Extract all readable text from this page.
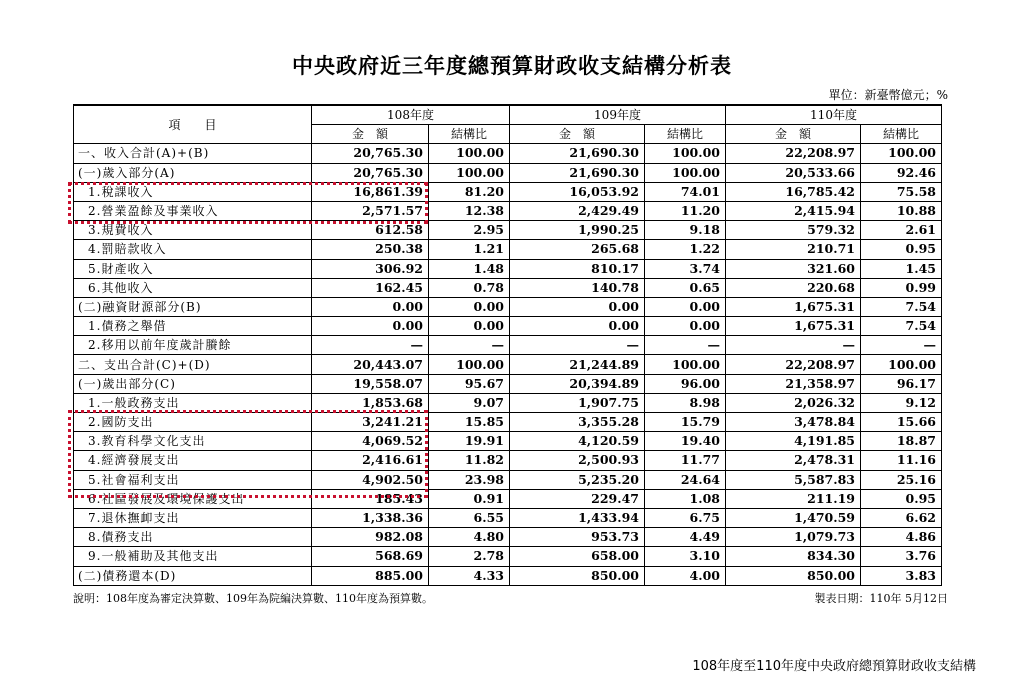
中央政府近三年度總預算財政收支結構分析表
單位：新臺幣億元；%
項　　目	108年度		109年度		110年度	
	金　額	結構比	金　額	結構比	金　額	結構比
一、收入合計(A)+(B)	20,765.30	100.00	21,690.30	100.00	22,208.97	100.00
(一)歲入部分(A)	20,765.30	100.00	21,690.30	100.00	20,533.66	92.46
1.稅課收入	16,861.39	81.20	16,053.92	74.01	16,785.42	75.58
2.營業盈餘及事業收入	2,571.57	12.38	2,429.49	11.20	2,415.94	10.88
3.規費收入	612.58	2.95	1,990.25	9.18	579.32	2.61
4.罰賠款收入	250.38	1.21	265.68	1.22	210.71	0.95
5.財產收入	306.92	1.48	810.17	3.74	321.60	1.45
6.其他收入	162.45	0.78	140.78	0.65	220.68	0.99
(二)融資財源部分(B)	0.00	0.00	0.00	0.00	1,675.31	7.54
1.債務之舉借	0.00	0.00	0.00	0.00	1,675.31	7.54
2.移用以前年度歲計賸餘	—	—	—	—	—	—
二、支出合計(C)+(D)	20,443.07	100.00	21,244.89	100.00	22,208.97	100.00
(一)歲出部分(C)	19,558.07	95.67	20,394.89	96.00	21,358.97	96.17
1.一般政務支出	1,853.68	9.07	1,907.75	8.98	2,026.32	9.12
2.國防支出	3,241.21	15.85	3,355.28	15.79	3,478.84	15.66
3.教育科學文化支出	4,069.52	19.91	4,120.59	19.40	4,191.85	18.87
4.經濟發展支出	2,416.61	11.82	2,500.93	11.77	2,478.31	11.16
5.社會福利支出	4,902.50	23.98	5,235.20	24.64	5,587.83	25.16
6.社區發展及環境保護支出	185.43	0.91	229.47	1.08	211.19	0.95
7.退休撫卹支出	1,338.36	6.55	1,433.94	6.75	1,470.59	6.62
8.債務支出	982.08	4.80	953.73	4.49	1,079.73	4.86
9.一般補助及其他支出	568.69	2.78	658.00	3.10	834.30	3.76
(二)債務還本(D)	885.00	4.33	850.00	4.00	850.00	3.83
說明：108年度為審定決算數、109年為院編決算數、110年度為預算數。	製表日期：110年 5月12日
108年度至110年度中央政府總預算財政收支結構
